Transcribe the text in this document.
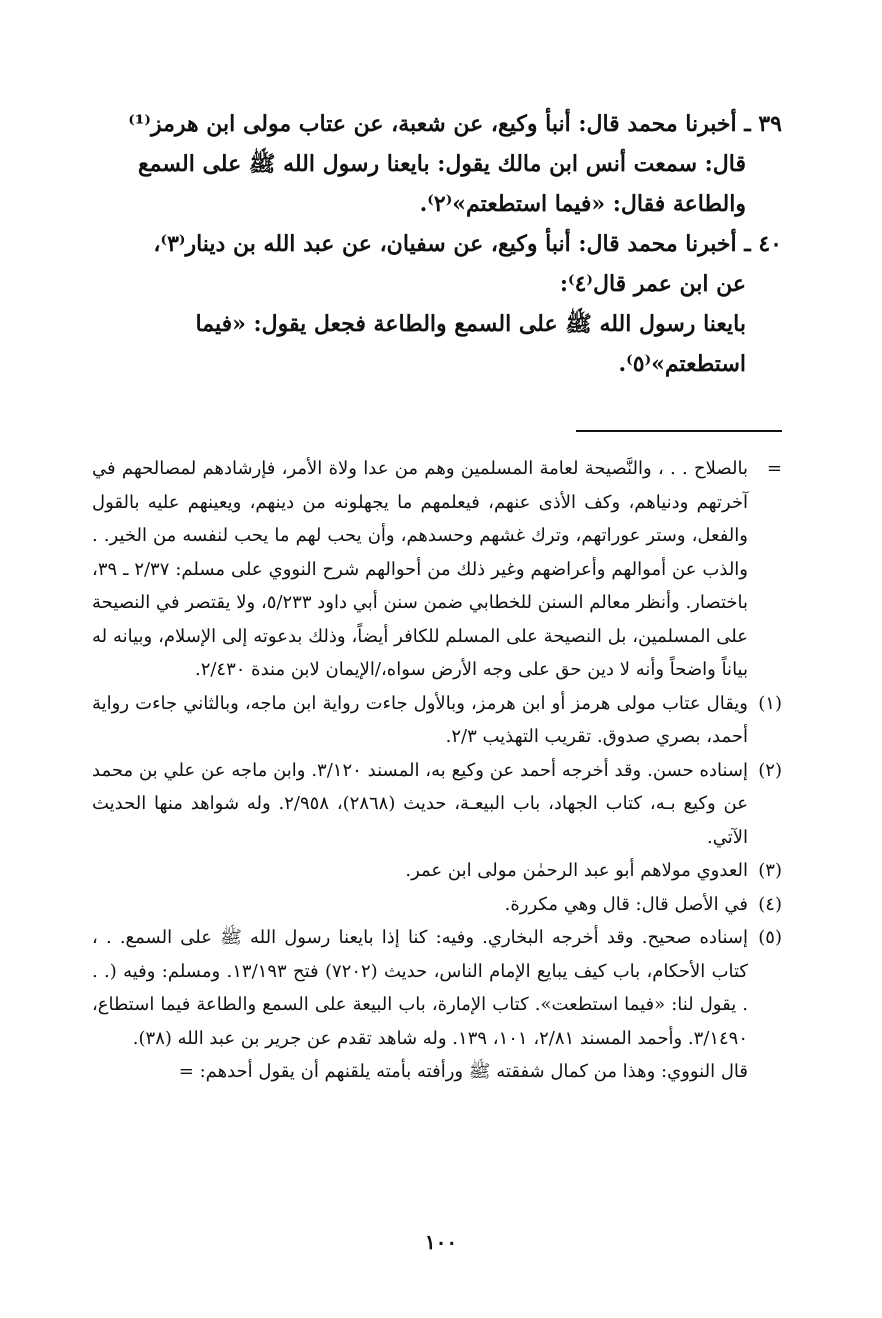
٣٩ ـ أخبرنا محمد قال: أنبأ وكيع، عن شعبة، عن عتاب مولى ابن هرمز⁽¹⁾

قال: سمعت أنس ابن مالك يقول: بايعنا رسول الله ﷺ على السمع

والطاعة فقال: «فيما استطعتم»⁽٢⁾.

٤٠ ـ أخبرنا محمد قال: أنبأ وكيع، عن سفيان، عن عبد الله بن دينار⁽٣⁾،

عن ابن عمر قال⁽٤⁾:

بايعنا رسول الله ﷺ على السمع والطاعة فجعل يقول: «فيما

استطعتم»⁽٥⁾.

=
بالصلاح . . ، والنَّصيحة لعامة المسلمين وهم من عدا ولاة الأمر، فإرشادهم لمصالحهم في آخرتهم ودنياهم، وكف الأذى عنهم، فيعلمهم ما يجهلونه من دينهم، ويعينهم عليه بالقول والفعل، وستر عوراتهم، وترك غشهم وحسدهم، وأن يحب لهم ما يحب لنفسه من الخير. . والذب عن أموالهم وأعراضهم وغير ذلك من أحوالهم شرح النووي على مسلم: ٢/٣٧ ـ ٣٩، باختصار. وأنظر معالم السنن للخطابي ضمن سنن أبي داود ٥/٢٣٣، ولا يقتصر في النصيحة على المسلمين، بل النصيحة على المسلم للكافر أيضاً، وذلك بدعوته إلى الإسلام، وبيانه له بياناً واضحاً وأنه لا دين حق على وجه الأرض سواه،/الإيمان لابن مندة ٢/٤٣٠.
(١)
ويقال عتاب مولى هرمز أو ابن هرمز، وبالأول جاءت رواية ابن ماجه، وبالثاني جاءت رواية أحمد، بصري صدوق. تقريب التهذيب ٢/٣.
(٢)
إسناده حسن. وقد أخرجه أحمد عن وكيع به، المسند ٣/١٢٠. وابن ماجه عن علي بن محمد عن وكيع بـه، كتاب الجهاد، باب البيعـة، حديث (٢٨٦٨)، ٢/٩٥٨. وله شواهد منها الحديث الآتي.
(٣)
العدوي مولاهم أبو عبد الرحمٰن مولى ابن عمر.
(٤)
في الأصل قال: قال وهي مكررة.
(٥)
إسناده صحيح. وقد أخرجه البخاري. وفيه: كنا إذا بايعنا رسول الله ﷺ على السمع. . ، كتاب الأحكام، باب كيف يبايع الإمام الناس، حديث (٧٢٠٢) فتح ١٣/١٩٣. ومسلم: وفيه (. . . يقول لنا: «فيما استطعت». كتاب الإمارة، باب البيعة على السمع والطاعة فيما استطاع، ٣/١٤٩٠. وأحمد المسند ٢/٨١، ١٠١، ١٣٩. وله شاهد تقدم عن جرير بن عبد الله (٣٨).

قال النووي: وهذا من كمال شفقته ﷺ ورأفته بأمته يلقنهم أن يقول أحدهم: =

١٠٠
